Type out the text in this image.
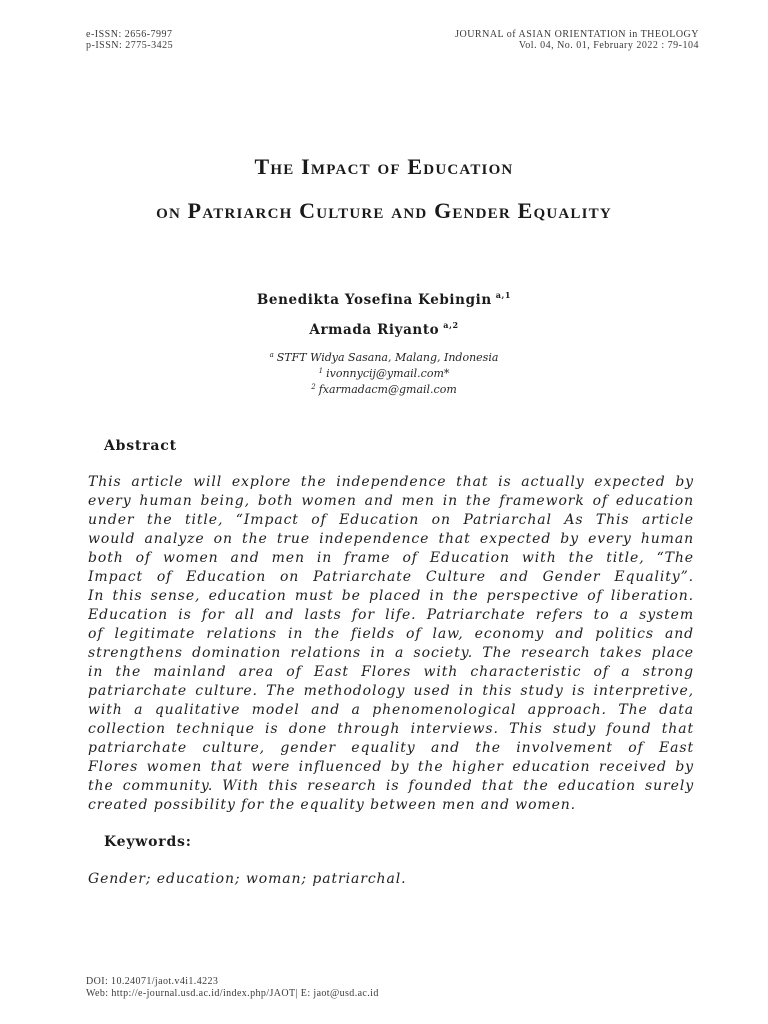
e-ISSN: 2656-7997
p-ISSN: 2775-3425
JOURNAL of ASIAN ORIENTATION in THEOLOGY
Vol. 04, No. 01, February 2022 : 79-104
The Impact of Education
on Patriarch Culture and Gender Equality
Benedikta Yosefina Kebingin $^{a,1}$
Armada Riyanto $^{a,2}$
$^a$ STFT Widya Sasana, Malang, Indonesia
$^1$ ivonnycij@ymail.com*
$^2$ fxarmadacm@gmail.com
Abstract
This article will explore the independence that is actually expected by
every human being, both women and men in the framework of education
under the title, “Impact of Education on Patriarchal As This article
would analyze on the true independence that expected by every human
both of women and men in frame of Education with the title, “The
Impact of Education on Patriarchate Culture and Gender Equality”.
In this sense, education must be placed in the perspective of liberation.
Education is for all and lasts for life. Patriarchate refers to a system
of legitimate relations in the fields of law, economy and politics and
strengthens domination relations in a society. The research takes place
in the mainland area of East Flores with characteristic of a strong
patriarchate culture. The methodology used in this study is interpretive,
with a qualitative model and a phenomenological approach. The data
collection technique is done through interviews. This study found that
patriarchate culture, gender equality and the involvement of East
Flores women that were influenced by the higher education received by
the community. With this research is founded that the education surely
created possibility for the equality between men and women.
Keywords:
Gender; education; woman; patriarchal.
DOI: 10.24071/jaot.v4i1.4223
Web: http://e-journal.usd.ac.id/index.php/JAOT| E: jaot@usd.ac.id
